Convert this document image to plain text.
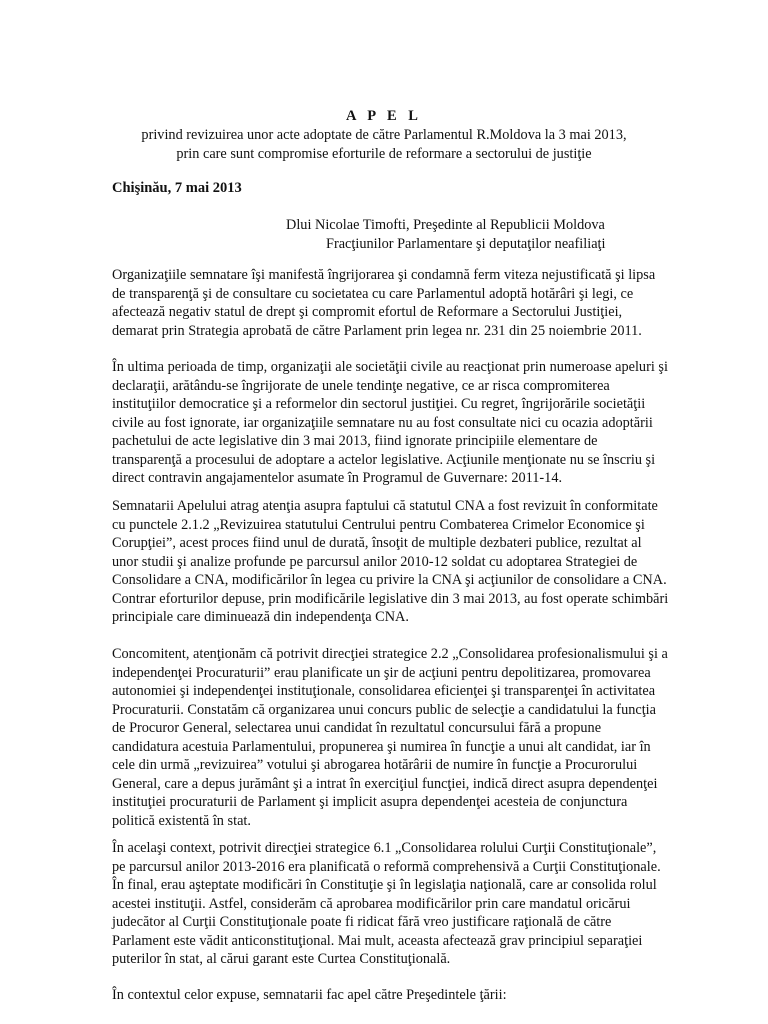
A P E L
privind revizuirea unor acte adoptate de către Parlamentul R.Moldova la 3 mai 2013,
prin care sunt compromise eforturile de reformare a sectorului de justiţie
Chişinău, 7 mai 2013
Dlui Nicolae Timofti, Preşedinte al Republicii Moldova
Fracţiunilor Parlamentare şi deputaţilor neafiliaţi
Organizaţiile semnatare îşi manifestă îngrijorarea şi condamnă ferm viteza nejustificată şi lipsa
de transparenţă şi de consultare cu societatea cu care Parlamentul adoptă hotărâri şi legi, ce
afectează negativ statul de drept şi compromit efortul de Reformare a Sectorului Justiţiei,
demarat prin Strategia aprobată de către Parlament prin legea nr. 231 din 25 noiembrie 2011.
În ultima perioada de timp, organizaţii ale societăţii civile au reacţionat prin numeroase apeluri şi
declaraţii, arătându-se îngrijorate de unele tendinţe negative, ce ar risca compromiterea
instituţiilor democratice şi a reformelor din sectorul justiţiei. Cu regret, îngrijorările societăţii
civile au fost ignorate, iar organizaţiile semnatare nu au fost consultate nici cu ocazia adoptării
pachetului de acte legislative din 3 mai 2013, fiind ignorate principiile elementare de
transparenţă a procesului de adoptare a actelor legislative. Acţiunile menţionate nu se înscriu şi
direct contravin angajamentelor asumate în Programul de Guvernare: 2011-14.
Semnatarii Apelului atrag atenţia asupra faptului că statutul CNA a fost revizuit în conformitate
cu punctele 2.1.2 „Revizuirea statutului Centrului pentru Combaterea Crimelor Economice şi
Corupţiei”, acest proces fiind unul de durată, însoţit de multiple dezbateri publice, rezultat al
unor studii şi analize profunde pe parcursul anilor 2010-12 soldat cu adoptarea Strategiei de
Consolidare a CNA, modificărilor în legea cu privire la CNA şi acţiunilor de consolidare a CNA.
Contrar eforturilor depuse, prin modificările legislative din 3 mai 2013, au fost operate schimbări
principiale care diminuează din independenţa CNA.
Concomitent, atenţionăm că potrivit direcţiei strategice 2.2 „Consolidarea profesionalismului şi a
independenţei Procuraturii” erau planificate un şir de acţiuni pentru depolitizarea, promovarea
autonomiei şi independenţei instituţionale, consolidarea eficienţei şi transparenţei în activitatea
Procuraturii. Constatăm că organizarea unui concurs public de selecţie a candidatului la funcţia
de Procuror General, selectarea unui candidat în rezultatul concursului fără a propune
candidatura acestuia Parlamentului, propunerea şi numirea în funcţie a unui alt candidat, iar în
cele din urmă „revizuirea” votului şi abrogarea hotărârii de numire în funcţie a Procurorului
General, care a depus jurământ şi a intrat în exerciţiul funcţiei, indică direct asupra dependenţei
instituţiei procuraturii de Parlament şi implicit asupra dependenţei acesteia de conjunctura
politică existentă în stat.
În acelaşi context, potrivit direcţiei strategice 6.1 „Consolidarea rolului Curţii Constituţionale”,
pe parcursul anilor 2013-2016 era planificată o reformă comprehensivă a Curţii Constituţionale.
În final, erau aşteptate modificări în Constituţie şi în legislaţia naţională, care ar consolida rolul
acestei instituţii. Astfel, considerăm că aprobarea modificărilor prin care mandatul oricărui
judecător al Curţii Constituţionale poate fi ridicat fără vreo justificare raţională de către
Parlament este vădit anticonstituţional. Mai mult, aceasta afectează grav principiul separaţiei
puterilor în stat, al cărui garant este Curtea Constituţională.
În contextul celor expuse, semnatarii fac apel către Preşedintele ţării:
